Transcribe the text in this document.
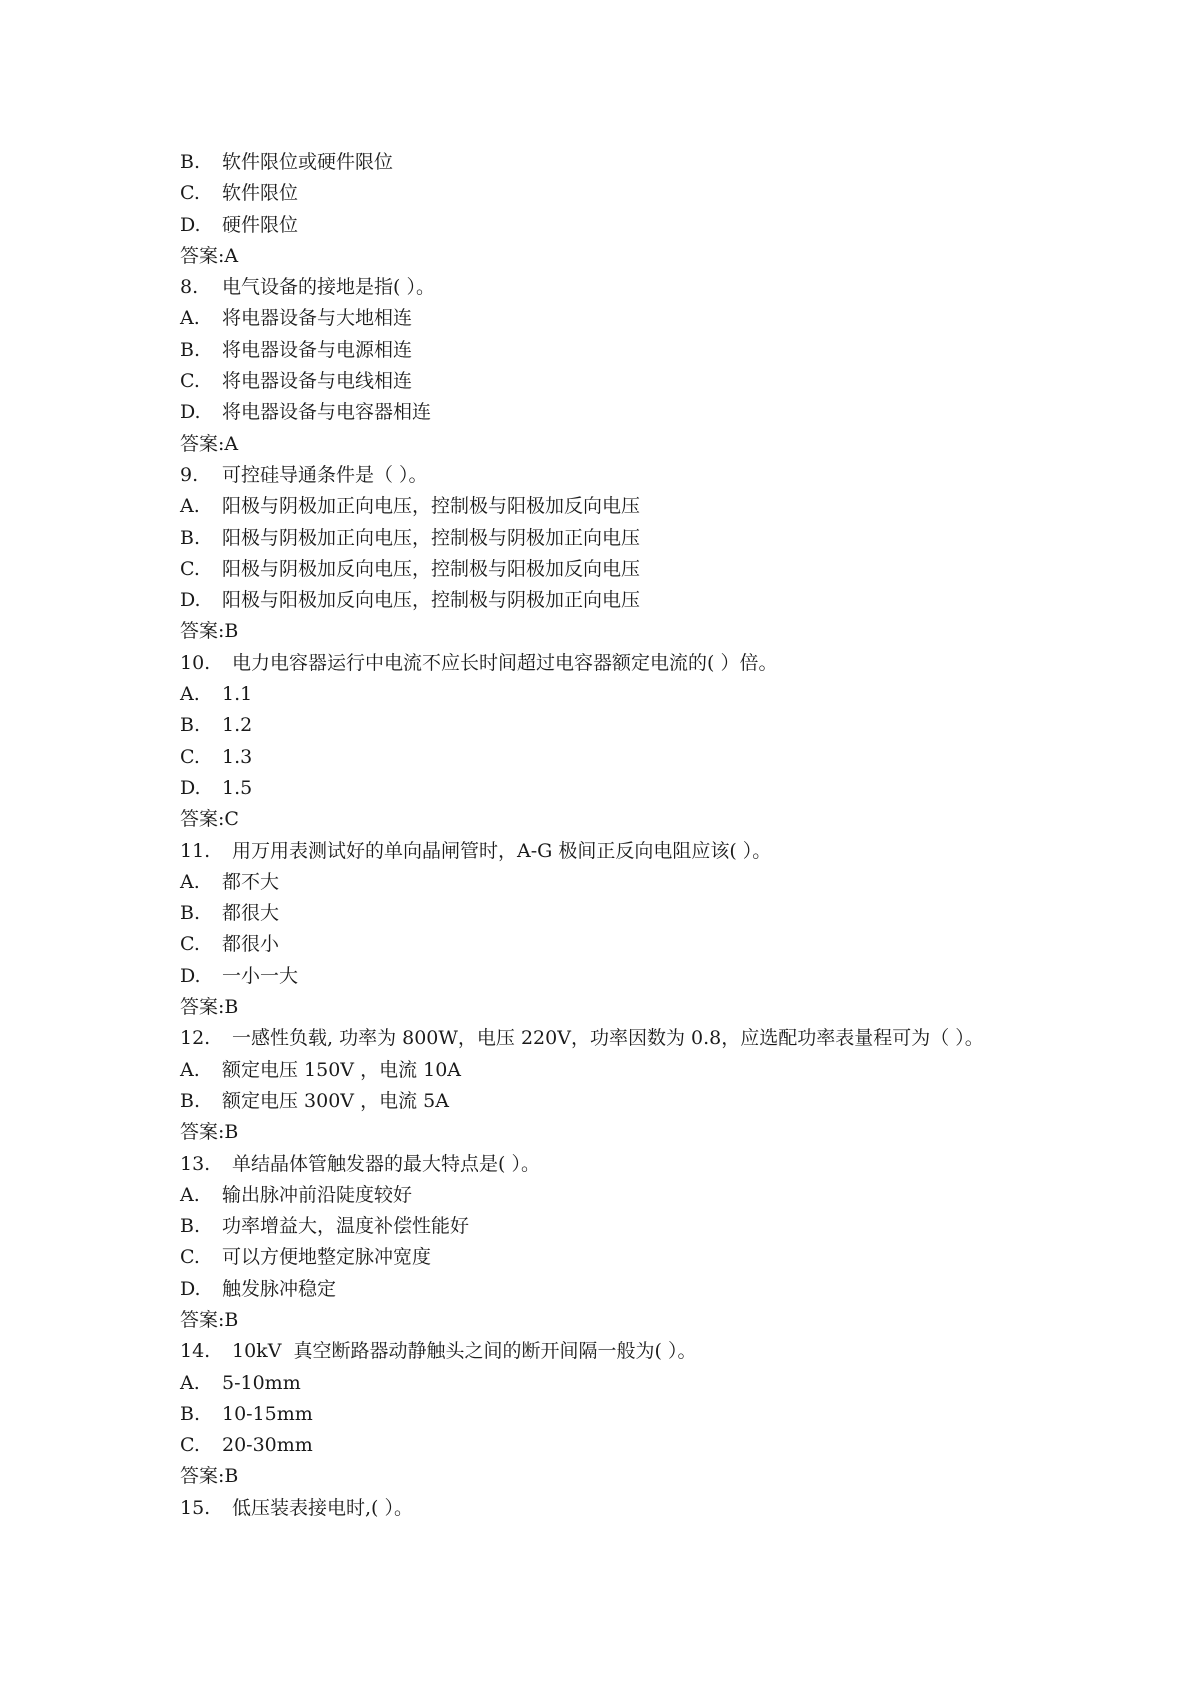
B. 软件限位或硬件限位
C. 软件限位
D. 硬件限位
答案:A
8. 电气设备的接地是指( ）。
A. 将电器设备与大地相连
B. 将电器设备与电源相连
C. 将电器设备与电线相连
D. 将电器设备与电容器相连
答案:A
9. 可控硅导通条件是（ ）。
A. 阳极与阴极加正向电压，控制极与阳极加反向电压
B. 阳极与阴极加正向电压，控制极与阴极加正向电压
C. 阳极与阴极加反向电压，控制极与阳极加反向电压
D. 阳极与阳极加反向电压，控制极与阴极加正向电压
答案:B
10. 电力电容器运行中电流不应长时间超过电容器额定电流的( ）倍。
A. 1.1
B. 1.2
C. 1.3
D. 1.5
答案:C
11. 用万用表测试好的单向晶闸管时，A-G 极间正反向电阻应该( ）。
A. 都不大
B. 都很大
C. 都很小
D. 一小一大
答案:B
12. 一感性负载, 功率为 800W，电压 220V，功率因数为 0.8，应选配功率表量程可为（ ）。
A. 额定电压 150V ，电流 10A
B. 额定电压 300V ，电流 5A
答案:B
13. 单结晶体管触发器的最大特点是( ）。
A. 输出脉冲前沿陡度较好
B. 功率增益大，温度补偿性能好
C. 可以方便地整定脉冲宽度
D. 触发脉冲稳定
答案:B
14. 10kV  真空断路器动静触头之间的断开间隔一般为( ）。
A. 5-10mm
B. 10-15mm
C. 20-30mm
答案:B
15. 低压装表接电时,( ）。
